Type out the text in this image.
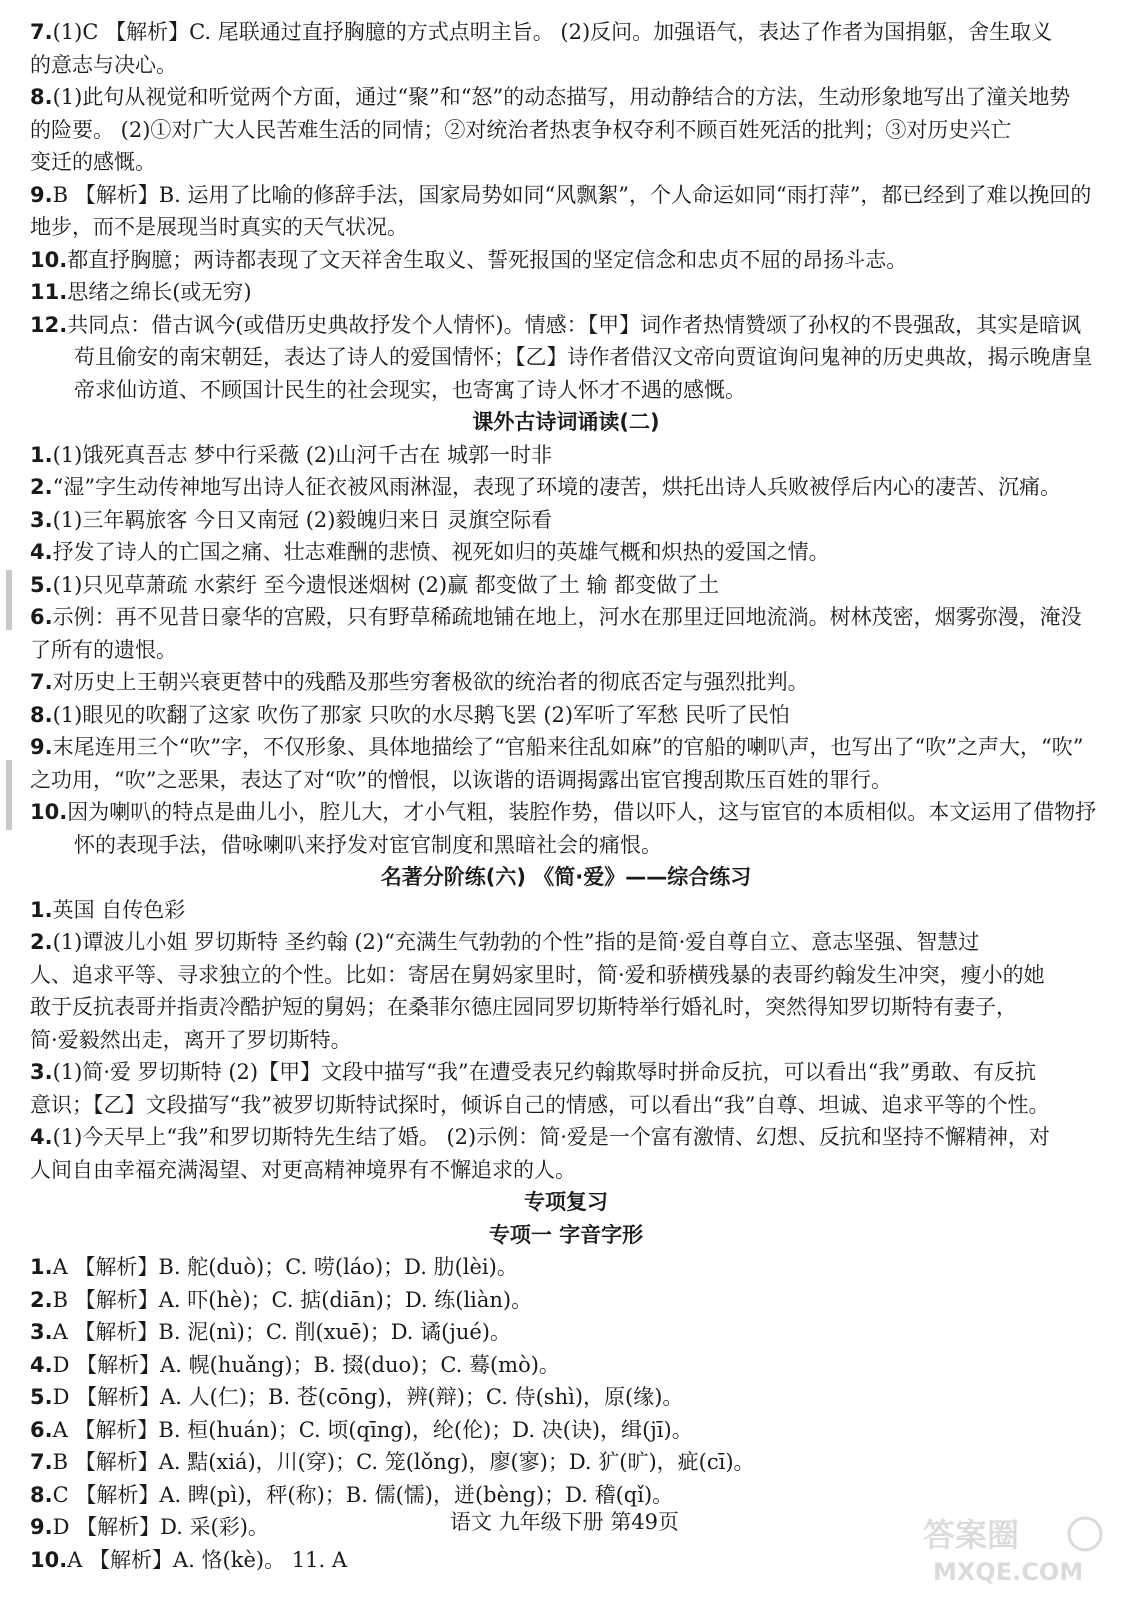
7.(1)C 【解析】C. 尾联通过直抒胸臆的方式点明主旨。 (2)反问。加强语气，表达了作者为国捐躯，舍生取义
的意志与决心。
8.(1)此句从视觉和听觉两个方面，通过“聚”和“怒”的动态描写，用动静结合的方法，生动形象地写出了潼关地势
的险要。 (2)①对广大人民苦难生活的同情；②对统治者热衷争权夺利不顾百姓死活的批判；③对历史兴亡
变迁的感慨。
9.B 【解析】B. 运用了比喻的修辞手法，国家局势如同“风飘絮”，个人命运如同“雨打萍”，都已经到了难以挽回的
地步，而不是展现当时真实的天气状况。
10.都直抒胸臆；两诗都表现了文天祥舍生取义、誓死报国的坚定信念和忠贞不屈的昂扬斗志。
11.思绪之绵长(或无穷)
12.共同点：借古讽今(或借历史典故抒发个人情怀)。情感：【甲】词作者热情赞颂了孙权的不畏强敌，其实是暗讽
苟且偷安的南宋朝廷，表达了诗人的爱国情怀；【乙】诗作者借汉文帝向贾谊询问鬼神的历史典故，揭示晚唐皇
帝求仙访道、不顾国计民生的社会现实，也寄寓了诗人怀才不遇的感慨。
课外古诗词诵读(二)
1.(1)饿死真吾志 梦中行采薇 (2)山河千古在 城郭一时非
2.“湿”字生动传神地写出诗人征衣被风雨淋湿，表现了环境的凄苦，烘托出诗人兵败被俘后内心的凄苦、沉痛。
3.(1)三年羁旅客 今日又南冠 (2)毅魄归来日 灵旗空际看
4.抒发了诗人的亡国之痛、壮志难酬的悲愤、视死如归的英雄气概和炽热的爱国之情。
5.(1)只见草萧疏 水萦纡 至今遗恨迷烟树 (2)赢 都变做了土 输 都变做了土
6.示例：再不见昔日豪华的宫殿，只有野草稀疏地铺在地上，河水在那里迂回地流淌。树林茂密，烟雾弥漫，淹没
了所有的遗恨。
7.对历史上王朝兴衰更替中的残酷及那些穷奢极欲的统治者的彻底否定与强烈批判。
8.(1)眼见的吹翻了这家 吹伤了那家 只吹的水尽鹅飞罢 (2)军听了军愁 民听了民怕
9.末尾连用三个“吹”字，不仅形象、具体地描绘了“官船来往乱如麻”的官船的喇叭声，也写出了“吹”之声大，“吹”
之功用，“吹”之恶果，表达了对“吹”的憎恨，以诙谐的语调揭露出宦官搜刮欺压百姓的罪行。
10.因为喇叭的特点是曲儿小，腔儿大，才小气粗，装腔作势，借以吓人，这与宦官的本质相似。本文运用了借物抒
怀的表现手法，借咏喇叭来抒发对宦官制度和黑暗社会的痛恨。
名著分阶练(六) 《简·爱》——综合练习
1.英国 自传色彩
2.(1)谭波儿小姐 罗切斯特 圣约翰 (2)“充满生气勃勃的个性”指的是简·爱自尊自立、意志坚强、智慧过
人、追求平等、寻求独立的个性。比如：寄居在舅妈家里时，简·爱和骄横残暴的表哥约翰发生冲突，瘦小的她
敢于反抗表哥并指责冷酷护短的舅妈；在桑菲尔德庄园同罗切斯特举行婚礼时，突然得知罗切斯特有妻子，
简·爱毅然出走，离开了罗切斯特。
3.(1)简·爱 罗切斯特 (2)【甲】文段中描写“我”在遭受表兄约翰欺辱时拼命反抗，可以看出“我”勇敢、有反抗
意识；【乙】文段描写“我”被罗切斯特试探时，倾诉自己的情感，可以看出“我”自尊、坦诚、追求平等的个性。
4.(1)今天早上“我”和罗切斯特先生结了婚。 (2)示例：简·爱是一个富有激情、幻想、反抗和坚持不懈精神，对
人间自由幸福充满渴望、对更高精神境界有不懈追求的人。
专项复习
专项一 字音字形
1.A 【解析】B. 舵(duò)；C. 唠(láo)；D. 肋(lèi)。
2.B 【解析】A. 吓(hè)；C. 掂(diān)；D. 练(liàn)。
3.A 【解析】B. 泥(nì)；C. 削(xuē)；D. 谲(jué)。
4.D 【解析】A. 幌(huǎng)；B. 掇(duo)；C. 蓦(mò)。
5.D 【解析】A. 人(仁)；B. 苍(cōng)，辨(辩)；C. 侍(shì)，原(缘)。
6.A 【解析】B. 桓(huán)；C. 顷(qīng)，纶(伦)；D. 决(诀)，缉(jī)。
7.B 【解析】A. 黠(xiá)，川(穿)；C. 笼(lǒng)，廖(寥)；D. 犷(旷)，疵(cī)。
8.C 【解析】A. 睥(pì)，秤(称)；B. 儒(懦)，迸(bèng)；D. 稽(qǐ)。
9.D 【解析】D. 采(彩)。
10.A 【解析】A. 恪(kè)。 11. A
语文 九年级下册 第49页	答案圈
MXQE.COM
